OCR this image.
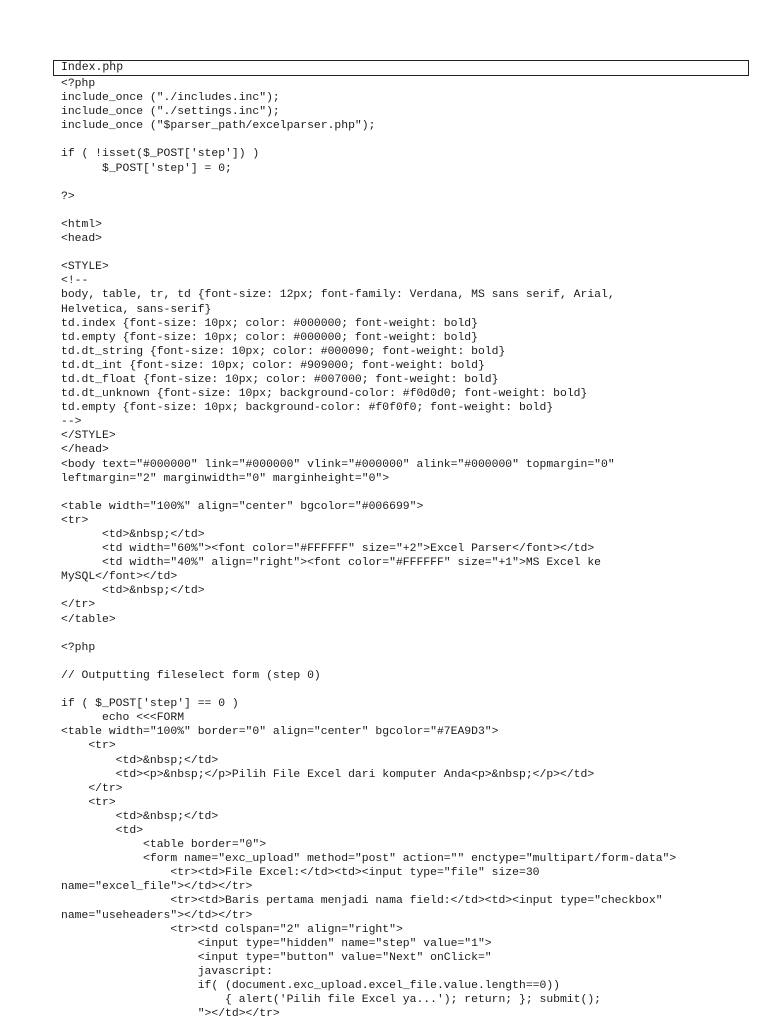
Index.php
<?php
include_once ("./includes.inc");
include_once ("./settings.inc");
include_once ("$parser_path/excelparser.php");
if ( !isset($_POST['step']) )
$_POST['step'] = 0;
?>
<html>
<head>
<STYLE>
<!--
body, table, tr, td {font-size: 12px; font-family: Verdana, MS sans serif, Arial,
Helvetica, sans-serif}
td.index {font-size: 10px; color: #000000; font-weight: bold}
td.empty {font-size: 10px; color: #000000; font-weight: bold}
td.dt_string {font-size: 10px; color: #000090; font-weight: bold}
td.dt_int {font-size: 10px; color: #909000; font-weight: bold}
td.dt_float {font-size: 10px; color: #007000; font-weight: bold}
td.dt_unknown {font-size: 10px; background-color: #f0d0d0; font-weight: bold}
td.empty {font-size: 10px; background-color: #f0f0f0; font-weight: bold}
-->
</STYLE>
</head>
<body text="#000000" link="#000000" vlink="#000000" alink="#000000" topmargin="0"
leftmargin="2" marginwidth="0" marginheight="0">
<table width="100%" align="center" bgcolor="#006699">
<tr>
<td>&nbsp;</td>
<td width="60%"><font color="#FFFFFF" size="+2">Excel Parser</font></td>
<td width="40%" align="right"><font color="#FFFFFF" size="+1">MS Excel ke
MySQL</font></td>
<td>&nbsp;</td>
</tr>
</table>
<?php
// Outputting fileselect form (step 0)
if ( $_POST['step'] == 0 )
echo <<<FORM
<table width="100%" border="0" align="center" bgcolor="#7EA9D3">
<tr>
<td>&nbsp;</td>
<td><p>&nbsp;</p>Pilih File Excel dari komputer Anda<p>&nbsp;</p></td>
</tr>
<tr>
<td>&nbsp;</td>
<td>
<table border="0">
<form name="exc_upload" method="post" action="" enctype="multipart/form-data">
<tr><td>File Excel:</td><td><input type="file" size=30
name="excel_file"></td></tr>
<tr><td>Baris pertama menjadi nama field:</td><td><input type="checkbox"
name="useheaders"></td></tr>
<tr><td colspan="2" align="right">
<input type="hidden" name="step" value="1">
<input type="button" value="Next" onClick="
javascript:
if( (document.exc_upload.excel_file.value.length==0))
{ alert('Pilih file Excel ya...'); return; }; submit();
"></td></tr>
